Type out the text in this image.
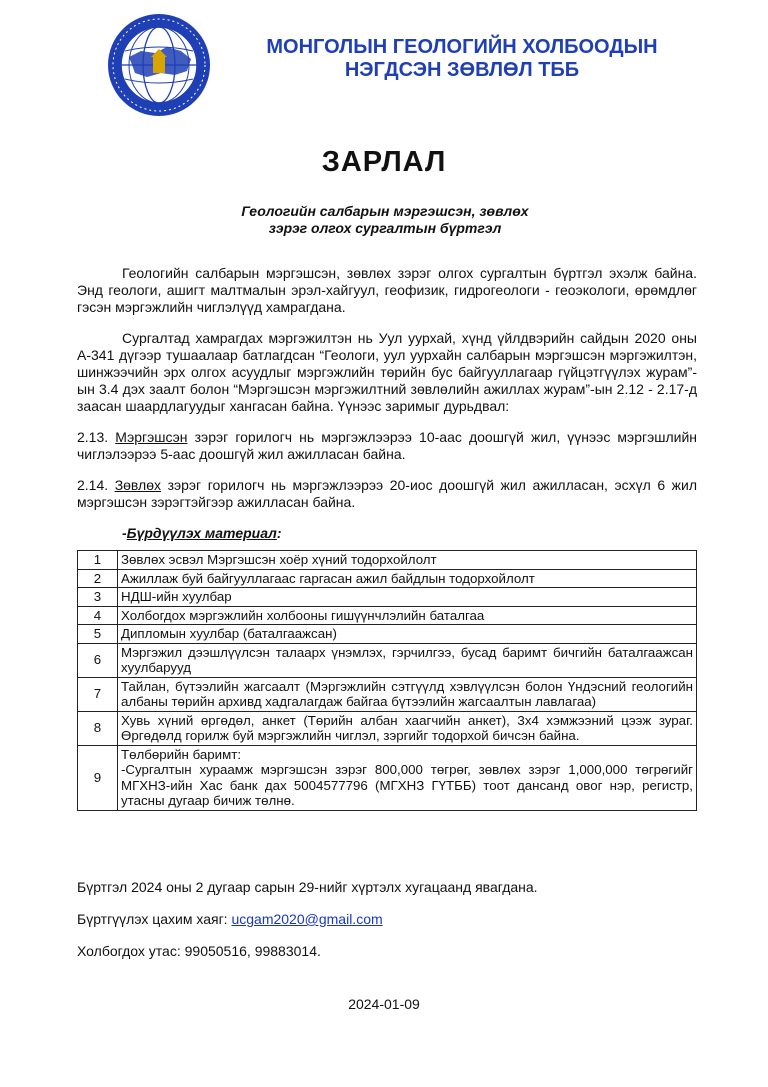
МОНГОЛЫН ГЕОЛОГИЙН ХОЛБООДЫН
НЭГДСЭН ЗӨВЛӨЛ ТББ
ЗАРЛАЛ
Геологийн салбарын мэргэшсэн, зөвлөх
зэрэг олгох сургалтын бүртгэл

Геологийн салбарын мэргэшсэн, зөвлөх зэрэг олгох сургалтын бүртгэл эхэлж байна. Энд геологи, ашигт малтмалын эрэл-хайгуул, геофизик, гидрогеологи - геоэкологи, өрөмдлөг гэсэн мэргэжлийн чиглэлүүд хамрагдана.

Сургалтад хамрагдах мэргэжилтэн нь Уул уурхай, хүнд үйлдвэрийн сайдын 2020 оны А-341 дүгээр тушаалаар батлагдсан “Геологи, уул уурхайн салбарын мэргэшсэн мэргэжилтэн, шинжээчийн эрх олгох асуудлыг мэргэжлийн төрийн бус байгууллагаар гүйцэтгүүлэх журам”-ын 3.4 дэх заалт болон “Мэргэшсэн мэргэжилтний зөвлөлийн ажиллах журам”-ын 2.12 - 2.17-д заасан шаардлагуудыг хангасан байна. Үүнээс заримыг дурьдвал:

2.13. Мэргэшсэн зэрэг горилогч нь мэргэжлээрээ 10-аас доошгүй жил, үүнээс мэргэшлийн чиглэлээрээ 5-аас доошгүй жил ажилласан байна.

2.14. Зөвлөх зэрэг горилогч нь мэргэжлээрээ 20-иос доошгүй жил ажилласан, эсхүл 6 жил мэргэшсэн зэрэгтэйгээр ажилласан байна.

-Бүрдүүлэх материал:
1	Зөвлөх эсвэл Мэргэшсэн хоёр хүний тодорхойлолт
2	Ажиллаж буй байгууллагаас гаргасан ажил байдлын тодорхойлолт
3	НДШ-ийн хуулбар
4	Холбогдох мэргэжлийн холбооны гишүүнчлэлийн баталгаа
5	Дипломын хуулбар (баталгаажсан)
6	Мэргэжил дээшлүүлсэн талаарх үнэмлэх, гэрчилгээ, бусад баримт бичгийн баталгаажсан хуулбарууд
7	Тайлан, бүтээлийн жагсаалт (Мэргэжлийн сэтгүүлд хэвлүүлсэн болон Үндэсний геологийн албаны төрийн архивд хадгалагдаж байгаа бүтээлийн жагсаалтын лавлагаа)
8	Хувь хүний өргөдөл, анкет (Төрийн албан хаагчийн анкет), 3х4 хэмжээний цээж зураг. Өргөдөлд горилж буй мэргэжлийн чиглэл, зэргийг тодорхой бичсэн байна.
9	Төлбөрийн баримт:
-Сургалтын хураамж мэргэшсэн зэрэг 800,000 төгрөг, зөвлөх зэрэг 1,000,000 төгрөгийг МГХНЗ-ийн Хас банк дах 5004577796 (МГХНЗ ГҮТББ) тоот дансанд овог нэр, регистр, утасны дугаар бичиж төлнө.

Бүртгэл 2024 оны 2 дугаар сарын 29-нийг хүртэлх хугацаанд явагдана.

Бүртгүүлэх цахим хаяг: ucgam2020@gmail.com

Холбогдох утас: 99050516, 99883014.

2024-01-09
